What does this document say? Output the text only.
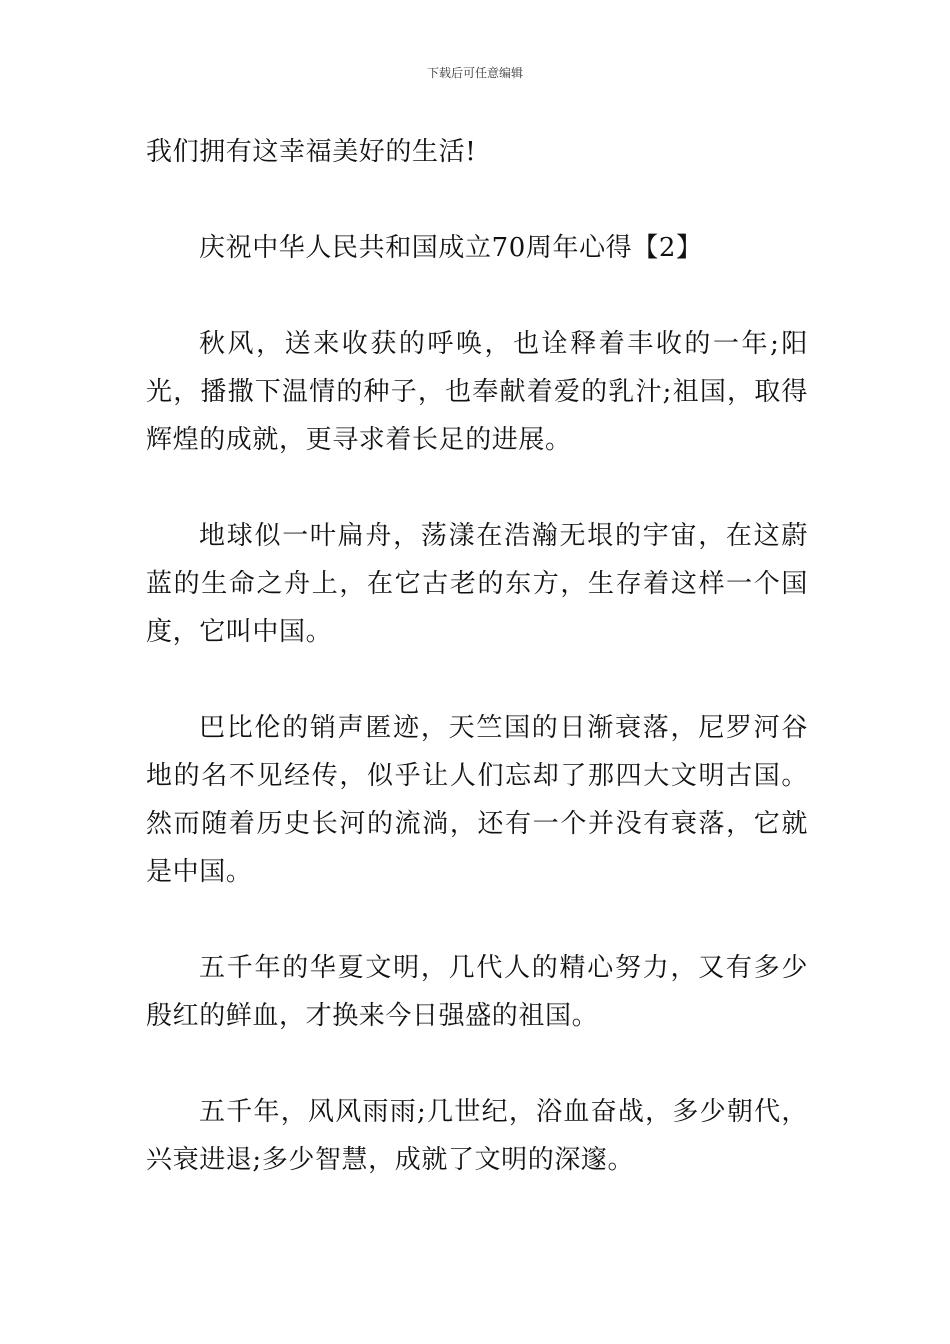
下载后可任意编辑

我们拥有这幸福美好的生活!

庆祝中华人民共和国成立70周年心得【2】

秋风，送来收获的呼唤，也诠释着丰收的一年;阳光，播撒下温情的种子，也奉献着爱的乳汁;祖国，取得辉煌的成就，更寻求着长足的进展。

地球似一叶扁舟，荡漾在浩瀚无垠的宇宙，在这蔚蓝的生命之舟上，在它古老的东方，生存着这样一个国度，它叫中国。

巴比伦的销声匿迹，天竺国的日渐衰落，尼罗河谷地的名不见经传，似乎让人们忘却了那四大文明古国。然而随着历史长河的流淌，还有一个并没有衰落，它就是中国。

五千年的华夏文明，几代人的精心努力，又有多少殷红的鲜血，才换来今日强盛的祖国。

五千年，风风雨雨;几世纪，浴血奋战，多少朝代，兴衰进退;多少智慧，成就了文明的深邃。
